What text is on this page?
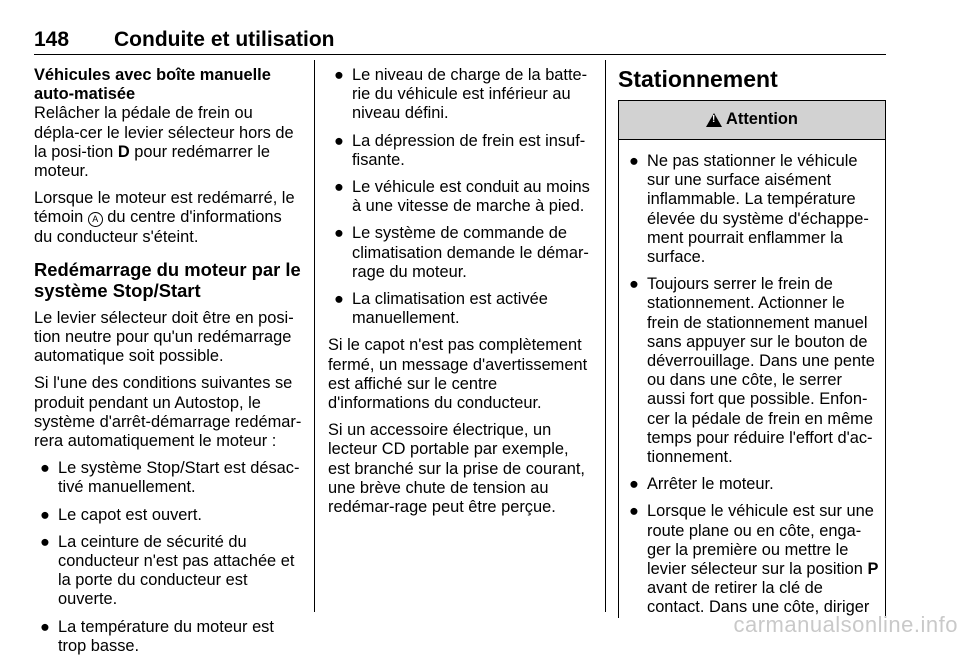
148 Conduite et utilisation

Véhicules avec boîte manuelle auto-matisée

Relâcher la pédale de frein ou dépla-cer le levier sélecteur hors de la posi-tion D pour redémarrer le moteur.

Lorsque le moteur est redémarré, le témoin A du centre d'informations du conducteur s'éteint.

Redémarrage du moteur par le système Stop/Start

Le levier sélecteur doit être en posi-tion neutre pour qu'un redémarrage automatique soit possible.

Si l'une des conditions suivantes se produit pendant un Autostop, le système d'arrêt-démarrage redémar-rera automatiquement le moteur :

● Le système Stop/Start est désac-tivé manuellement.
● Le capot est ouvert.
● La ceinture de sécurité du conducteur n'est pas attachée et la porte du conducteur est ouverte.
● La température du moteur est trop basse.
● Le niveau de charge de la batte-rie du véhicule est inférieur au niveau défini.
● La dépression de frein est insuf-fisante.
● Le véhicule est conduit au moins à une vitesse de marche à pied.
● Le système de commande de climatisation demande le démar-rage du moteur.
● La climatisation est activée manuellement.

Si le capot n'est pas complètement fermé, un message d'avertissement est affiché sur le centre d'informations du conducteur.

Si un accessoire électrique, un lecteur CD portable par exemple, est branché sur la prise de courant, une brève chute de tension au redémar-rage peut être perçue.

Stationnement
!
Attention
● Ne pas stationner le véhicule sur une surface aisément inflammable. La température élevée du système d'échappe-ment pourrait enflammer la surface.
● Toujours serrer le frein de stationnement. Actionner le frein de stationnement manuel sans appuyer sur le bouton de déverrouillage. Dans une pente ou dans une côte, le serrer aussi fort que possible. Enfon-cer la pédale de frein en même temps pour réduire l'effort d'ac-tionnement.
● Arrêter le moteur.
● Lorsque le véhicule est sur une route plane ou en côte, enga-ger la première ou mettre le levier sélecteur sur la position P avant de retirer la clé de contact. Dans une côte, diriger
carmanualsonline.info
